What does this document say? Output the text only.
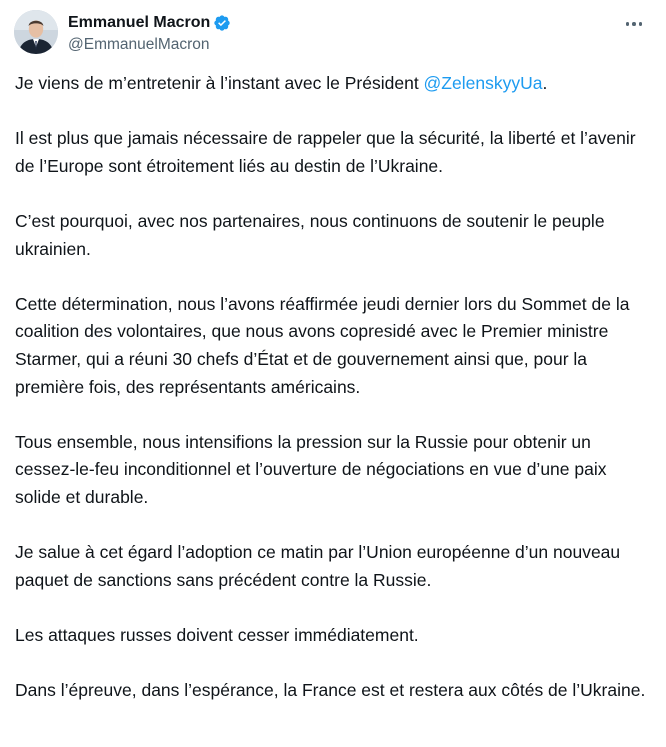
Emmanuel Macron
@EmmanuelMacron

Je viens de m’entretenir à l’instant avec le Président @ZelenskyyUa.

Il est plus que jamais nécessaire de rappeler que la sécurité, la liberté et l’avenir de l’Europe sont étroitement liés au destin de l’Ukraine.

C’est pourquoi, avec nos partenaires, nous continuons de soutenir le peuple ukrainien.

Cette détermination, nous l’avons réaffirmée jeudi dernier lors du Sommet de la coalition des volontaires, que nous avons copresidé avec le Premier ministre Starmer, qui a réuni 30 chefs d’État et de gouvernement ainsi que, pour la première fois, des représentants américains.

Tous ensemble, nous intensifions la pression sur la Russie pour obtenir un cessez-le-feu inconditionnel et l’ouverture de négociations en vue d’une paix solide et durable.

Je salue à cet égard l’adoption ce matin par l’Union européenne d’un nouveau paquet de sanctions sans précédent contre la Russie.

Les attaques russes doivent cesser immédiatement.

Dans l’épreuve, dans l’espérance, la France est et restera aux côtés de l’Ukraine.
